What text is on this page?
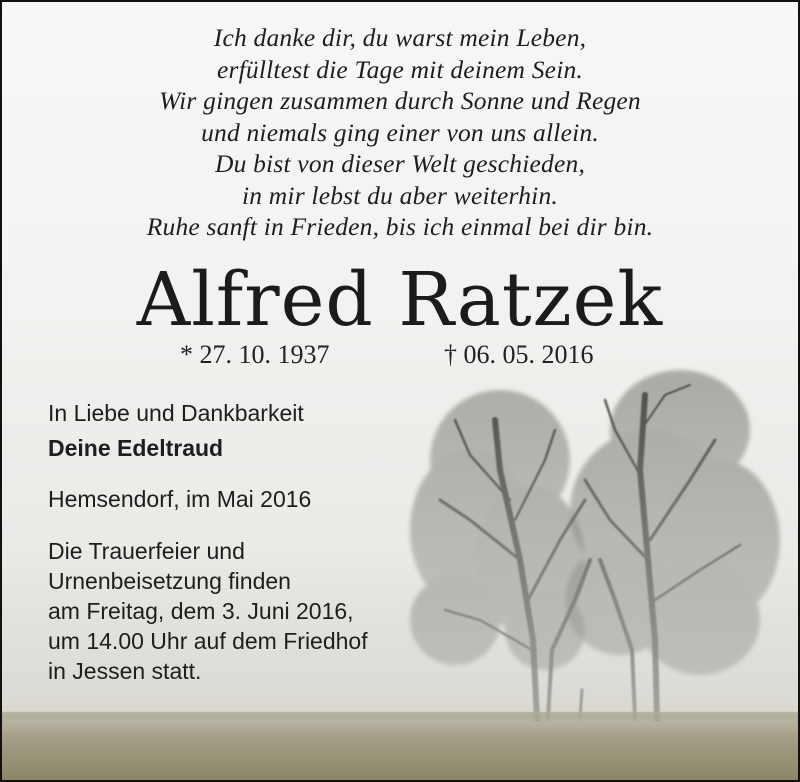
Ich danke dir, du warst mein Leben,
erfülltest die Tage mit deinem Sein.
Wir gingen zusammen durch Sonne und Regen
und niemals ging einer von uns allein.
Du bist von dieser Welt geschieden,
in mir lebst du aber weiterhin.
Ruhe sanft in Frieden, bis ich einmal bei dir bin.
Alfred Ratzek
* 27. 10. 1937	† 06. 05. 2016
In Liebe und Dankbarkeit
Deine Edeltraud
Hemsendorf, im Mai 2016
Die Trauerfeier und
Urnenbeisetzung finden
am Freitag, dem 3. Juni 2016,
um 14.00 Uhr auf dem Friedhof
in Jessen statt.
